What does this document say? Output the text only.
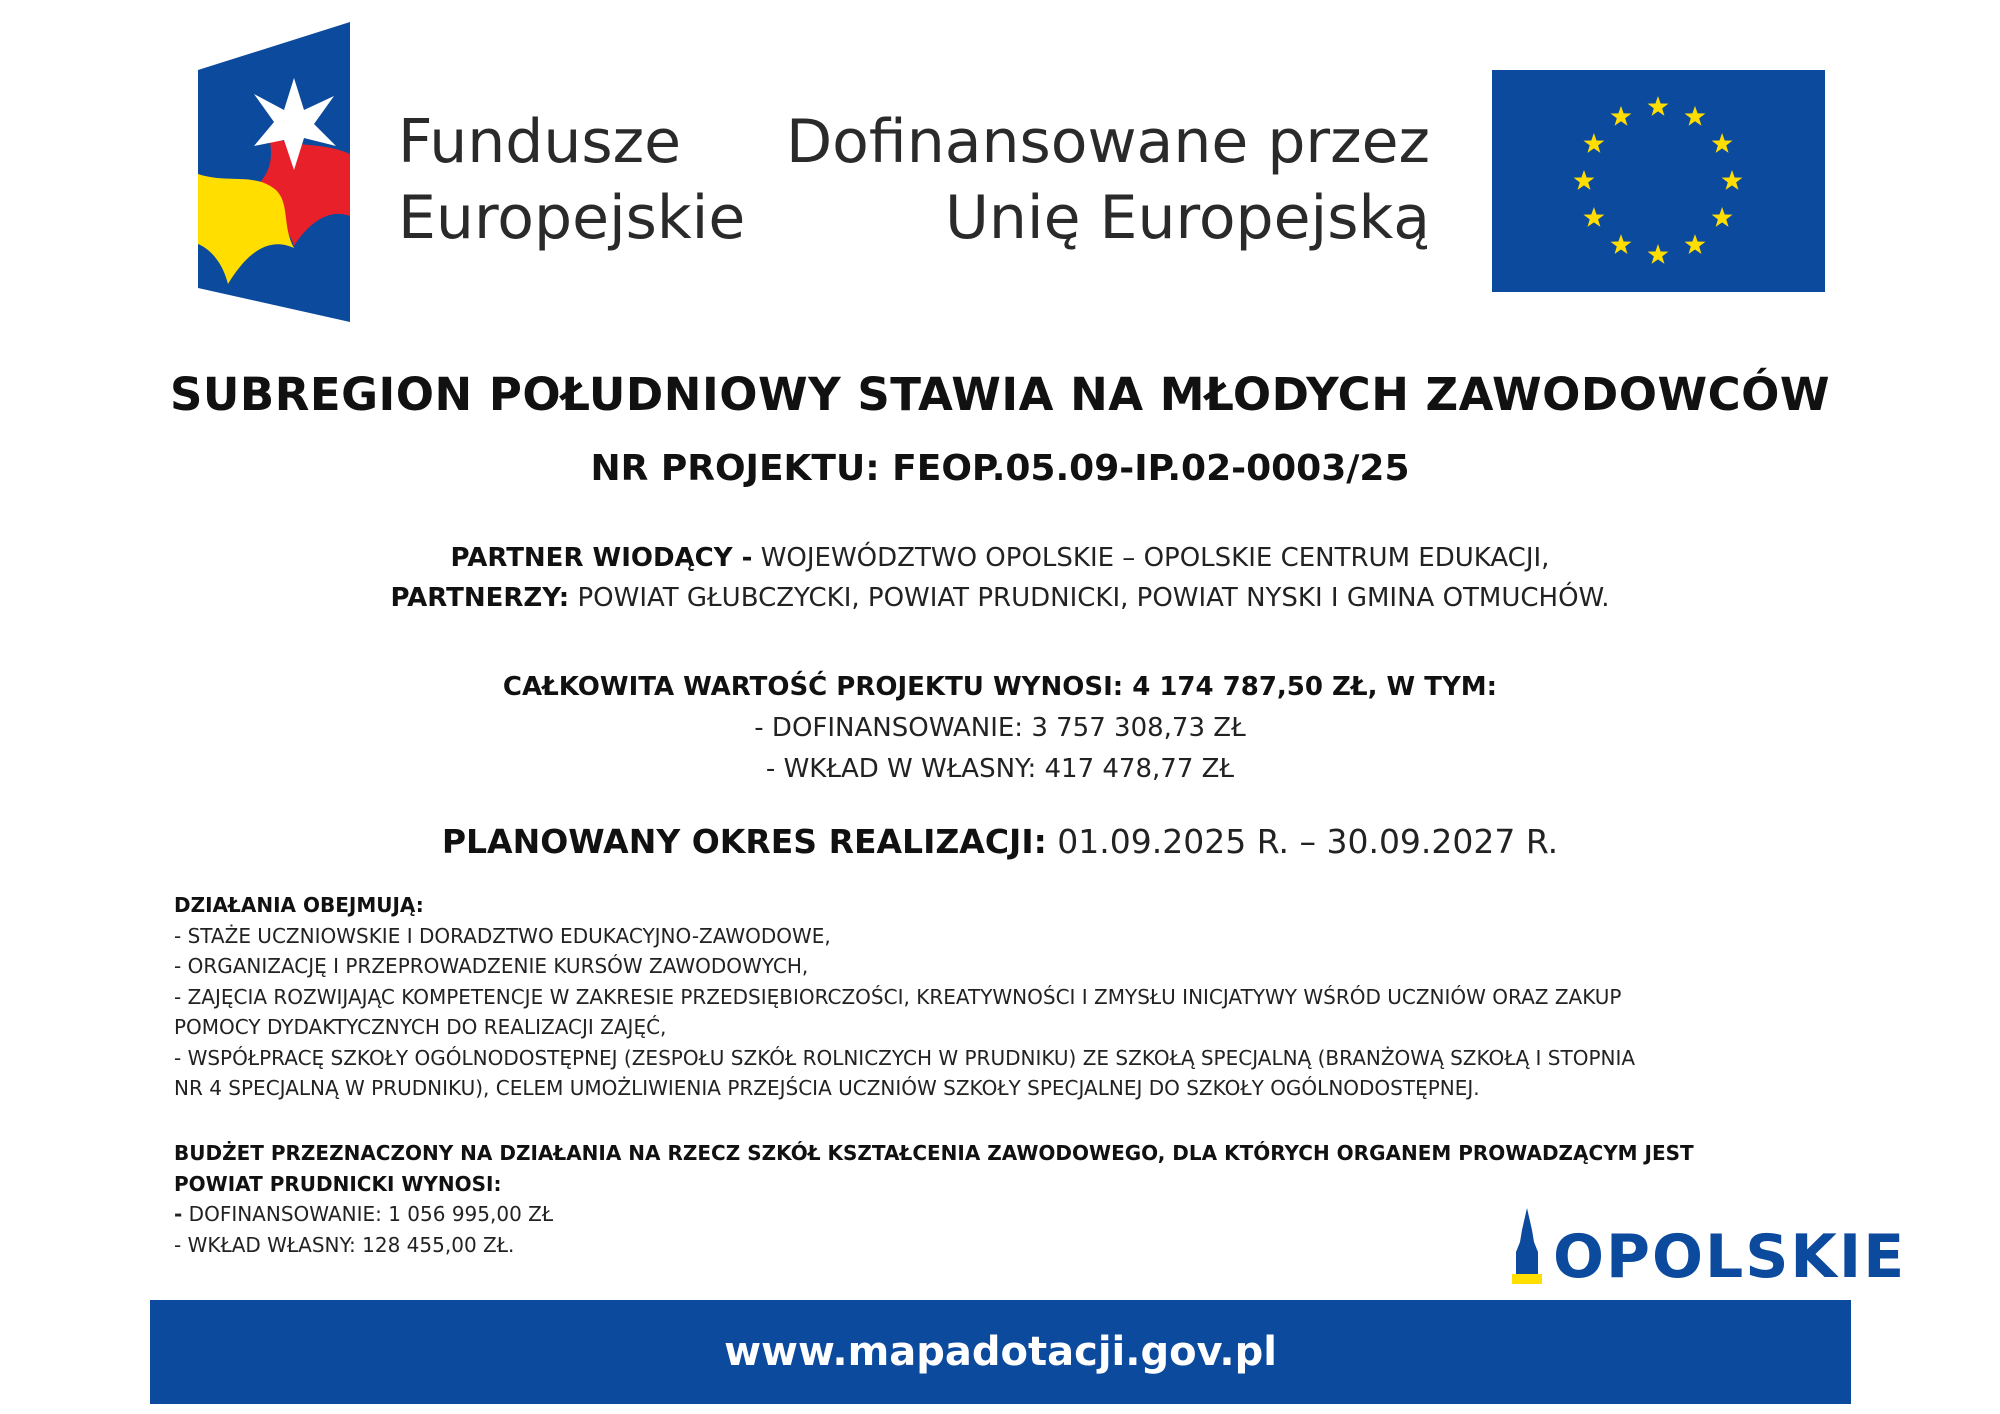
Fundusze
Europejskie
Dofinansowane przez
Unię Europejską
SUBREGION POŁUDNIOWY STAWIA NA MŁODYCH ZAWODOWCÓW
NR PROJEKTU: FEOP.05.09-IP.02-0003/25
PARTNER WIODĄCY - WOJEWÓDZTWO OPOLSKIE – OPOLSKIE CENTRUM EDUKACJI,
PARTNERZY: POWIAT GŁUBCZYCKI, POWIAT PRUDNICKI, POWIAT NYSKI I GMINA OTMUCHÓW.
CAŁKOWITA WARTOŚĆ PROJEKTU WYNOSI: 4 174 787,50 ZŁ, W TYM:
- DOFINANSOWANIE: 3 757 308,73 ZŁ
- WKŁAD W WŁASNY: 417 478,77 ZŁ
PLANOWANY OKRES REALIZACJI: 01.09.2025 R. – 30.09.2027 R.
DZIAŁANIA OBEJMUJĄ:
- STAŻE UCZNIOWSKIE I DORADZTWO EDUKACYJNO-ZAWODOWE,
- ORGANIZACJĘ I PRZEPROWADZENIE KURSÓW ZAWODOWYCH,
- ZAJĘCIA ROZWIJAJĄC KOMPETENCJE W ZAKRESIE PRZEDSIĘBIORCZOŚCI, KREATYWNOŚCI I ZMYSŁU INICJATYWY WŚRÓD UCZNIÓW ORAZ ZAKUP
POMOCY DYDAKTYCZNYCH DO REALIZACJI ZAJĘĆ,
- WSPÓŁPRACĘ SZKOŁY OGÓLNODOSTĘPNEJ (ZESPOŁU SZKÓŁ ROLNICZYCH W PRUDNIKU) ZE SZKOŁĄ SPECJALNĄ (BRANŻOWĄ SZKOŁĄ I STOPNIA
NR 4 SPECJALNĄ W PRUDNIKU), CELEM UMOŻLIWIENIA PRZEJŚCIA UCZNIÓW SZKOŁY SPECJALNEJ DO SZKOŁY OGÓLNODOSTĘPNEJ.
BUDŻET PRZEZNACZONY NA DZIAŁANIA NA RZECZ SZKÓŁ KSZTAŁCENIA ZAWODOWEGO, DLA KTÓRYCH ORGANEM PROWADZĄCYM JEST
POWIAT PRUDNICKI WYNOSI:
- DOFINANSOWANIE: 1 056 995,00 ZŁ
- WKŁAD WŁASNY: 128 455,00 ZŁ.	OPOLSKIE
www.mapadotacji.gov.pl
